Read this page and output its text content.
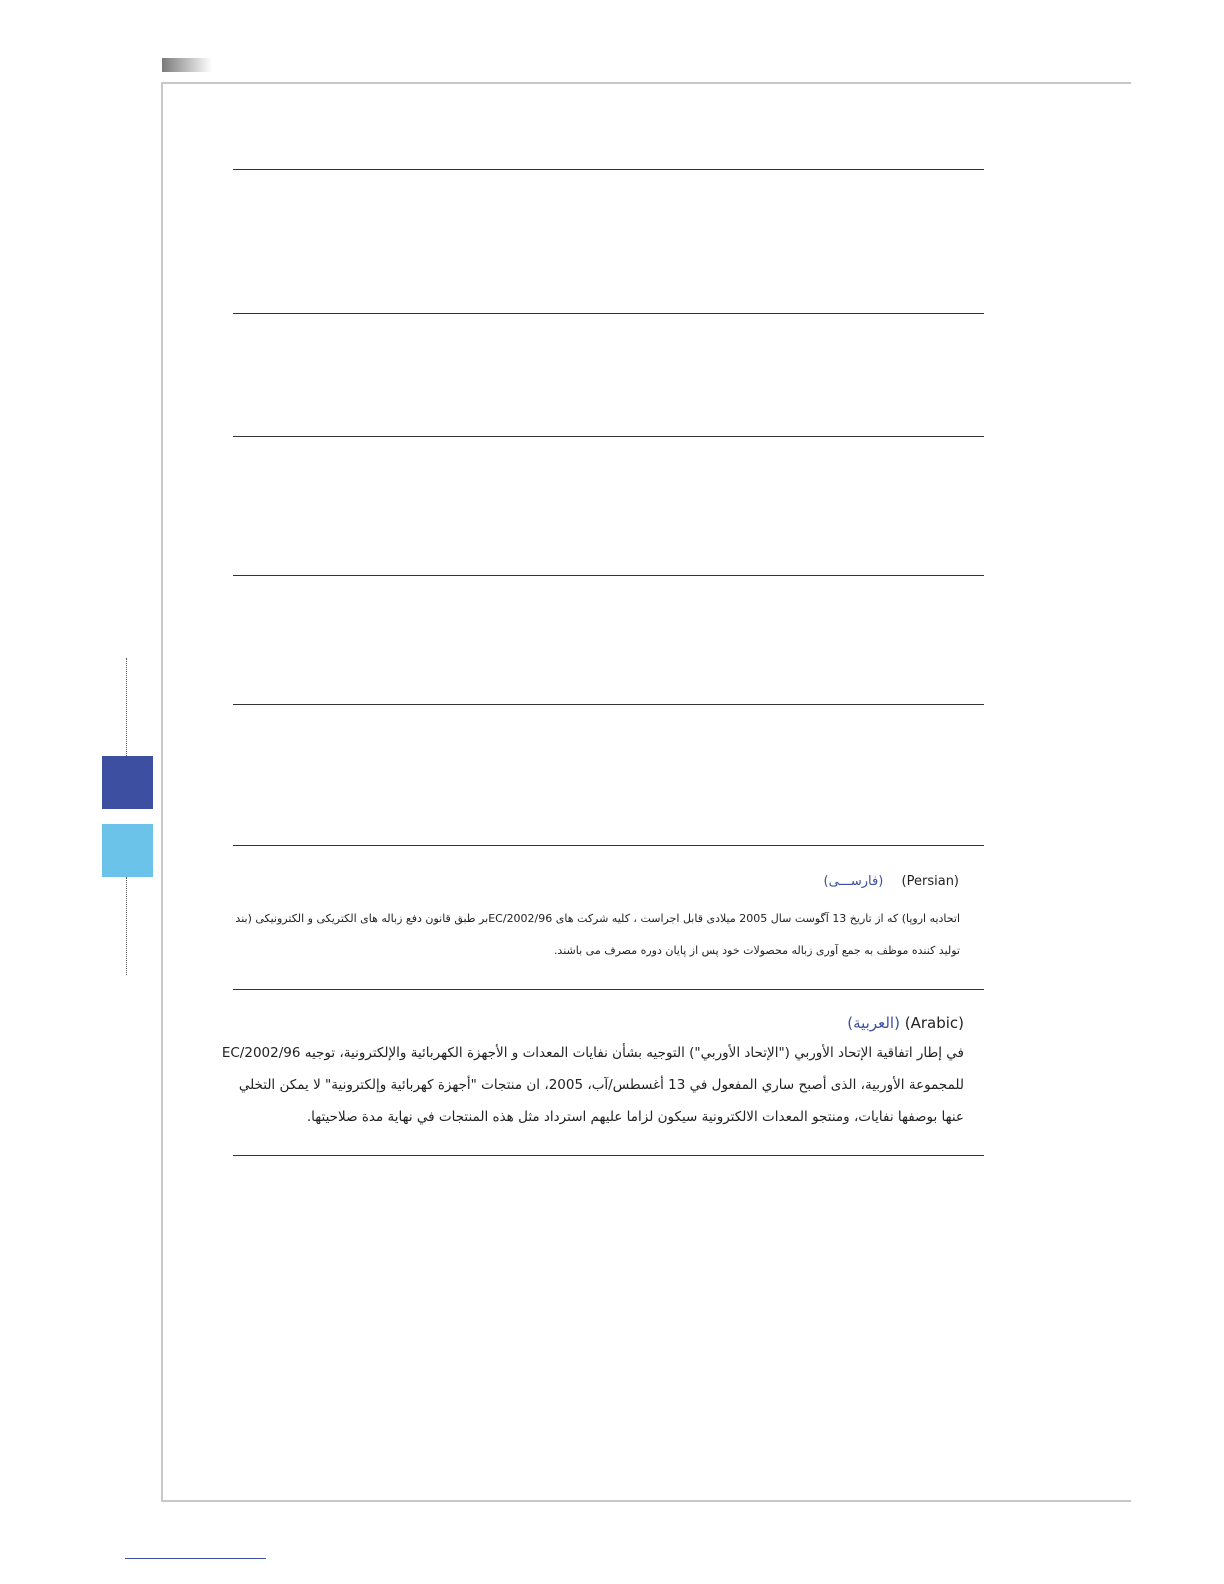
(فارســـی) (Persian)
اتحادیه اروپا) که از تاریخ 13 آگوست سال 2005 میلادی قابل اجراست ، کلیه شرکت های 2002/96/ECبر طبق قانون دفع زباله های الکتریکی و الکترونیکی (بند
تولید کننده موظف به جمع آوری زباله محصولات خود پس از پایان دوره مصرف می باشند.
(العربية) (Arabic)
في إطار اتفاقية الإتحاد الأوربي ("الإتحاد الأوربي") التوجيه بشأن نفايات المعدات و الأجهزة الكهربائية والإلكترونية، توجيه 2002/96/EC
للمجموعة الأوربية، الذى أصبح ساري المفعول في 13 أغسطس/آب، 2005، ان منتجات "أجهزة كهربائية وإلكترونية" لا يمكن التخلي
عنها بوصفها نفايات، ومنتجو المعدات الالكترونية سيكون لزاما عليهم استرداد مثل هذه المنتجات في نهاية مدة صلاحيتها.
